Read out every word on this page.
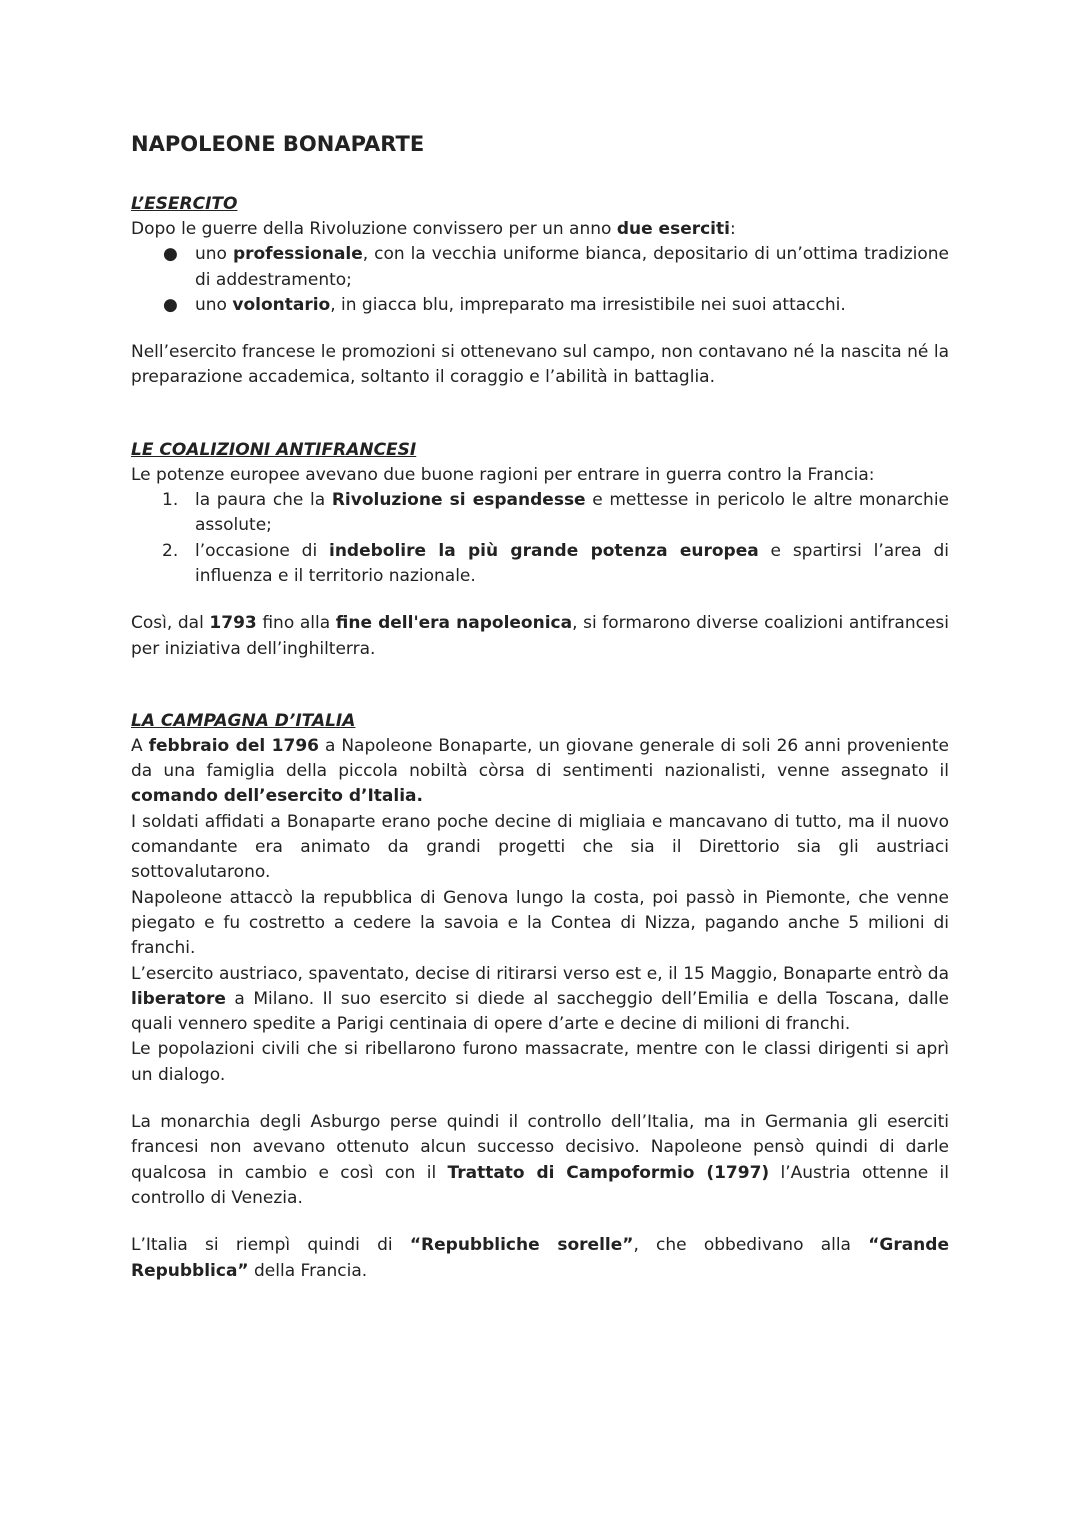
NAPOLEONE BONAPARTE
L’ESERCITO

Dopo le guerre della Rivoluzione convissero per un anno due eserciti:

● uno professionale, con la vecchia uniforme bianca, depositario di un’ottima tradizione di addestramento;
● uno volontario, in giacca blu, impreparato ma irresistibile nei suoi attacchi.

Nell’esercito francese le promozioni si ottenevano sul campo, non contavano né la nascita né la preparazione accademica, soltanto il coraggio e l’abilità in battaglia.

LE COALIZIONI ANTIFRANCESI

Le potenze europee avevano due buone ragioni per entrare in guerra contro la Francia:

1. la paura che la Rivoluzione si espandesse e mettesse in pericolo le altre monarchie assolute;
2. l’occasione di indebolire la più grande potenza europea e spartirsi l’area di influenza e il territorio nazionale.

Così, dal 1793 fino alla fine dell'era napoleonica, si formarono diverse coalizioni antifrancesi per iniziativa dell’inghilterra.

LA CAMPAGNA D’ITALIA

A febbraio del 1796 a Napoleone Bonaparte, un giovane generale di soli 26 anni proveniente da una famiglia della piccola nobiltà còrsa di sentimenti nazionalisti, venne assegnato il comando dell’esercito d’Italia.

I soldati affidati a Bonaparte erano poche decine di migliaia e mancavano di tutto, ma il nuovo comandante era animato da grandi progetti che sia il Direttorio sia gli austriaci sottovalutarono.

Napoleone attaccò la repubblica di Genova lungo la costa, poi passò in Piemonte, che venne piegato e fu costretto a cedere la savoia e la Contea di Nizza, pagando anche 5 milioni di franchi.

L’esercito austriaco, spaventato, decise di ritirarsi verso est e, il 15 Maggio, Bonaparte entrò da liberatore a Milano. Il suo esercito si diede al saccheggio dell’Emilia e della Toscana, dalle quali vennero spedite a Parigi centinaia di opere d’arte e decine di milioni di franchi.

Le popolazioni civili che si ribellarono furono massacrate, mentre con le classi dirigenti si aprì un dialogo.

La monarchia degli Asburgo perse quindi il controllo dell’Italia, ma in Germania gli eserciti francesi non avevano ottenuto alcun successo decisivo. Napoleone pensò quindi di darle qualcosa in cambio e così con il Trattato di Campoformio (1797) l’Austria ottenne il controllo di Venezia.

L’Italia si riempì quindi di “Repubbliche sorelle”, che obbedivano alla “Grande Repubblica” della Francia.
